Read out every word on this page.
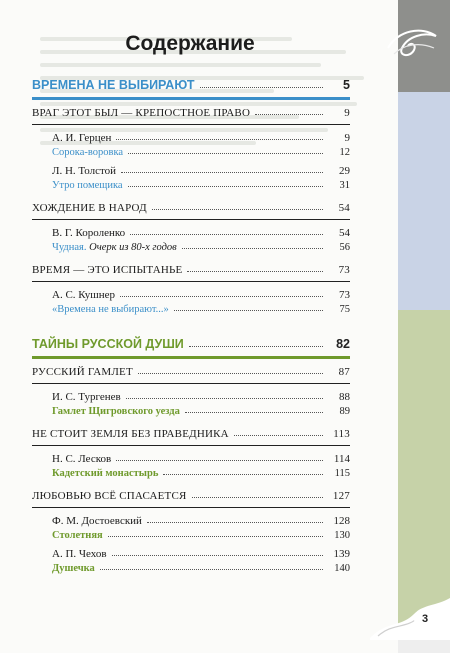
Содержание
ВРЕМЕНА НЕ ВЫБИРАЮТ	5
ВРАГ ЭТОТ БЫЛ — КРЕПОСТНОЕ ПРАВО	9
А. И. Герцен	9
Сорока-воровка	12
Л. Н. Толстой	29
Утро помещика	31
ХОЖДЕНИЕ В НАРОД	54
В. Г. Короленко	54
Чудная. Очерк из 80-х годов	56
ВРЕМЯ — ЭТО ИСПЫТАНЬЕ	73
А. С. Кушнер	73
«Времена не выбирают...»	75
ТАЙНЫ РУССКОЙ ДУШИ	82
РУССКИЙ ГАМЛЕТ	87
И. С. Тургенев	88
Гамлет Щигровского уезда	89
НЕ СТОИТ ЗЕМЛЯ БЕЗ ПРАВЕДНИКА	113
Н. С. Лесков	114
Кадетский монастырь	115
ЛЮБОВЬЮ ВСЁ СПАСАЕТСЯ	127
Ф. М. Достоевский	128
Столетняя	130
А. П. Чехов	139
Душечка	140
3
